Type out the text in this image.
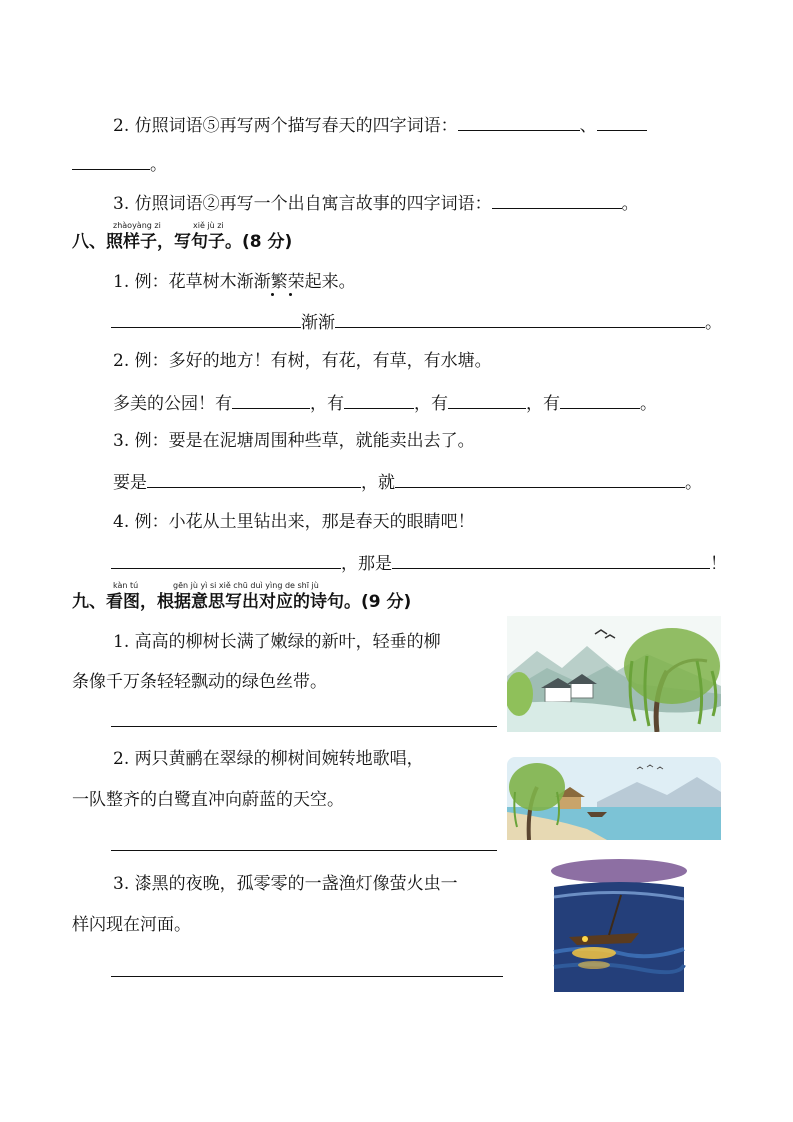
2. 仿照词语⑤再写两个描写春天的四字词语：	、
。
3. 仿照词语②再写一个出自寓言故事的四字词语：	。
zhàoyàng zi	xiě jù zi
八、照样子，写句子。(8 分)
1. 例：花草树木渐渐繁荣起来。
渐渐	。
2. 例：多好的地方！有树，有花，有草，有水塘。
多美的公园！有	，有	，有	，有	。
3. 例：要是在泥塘周围种些草，就能卖出去了。
要是	，就	。
4. 例：小花从土里钻出来，那是春天的眼睛吧！
，那是	！
kàn tú	gēn jù yì si xiě chū duì yìng de shī jù
九、看图，根据意思写出对应的诗句。(9 分)
1. 高高的柳树长满了嫩绿的新叶，轻垂的柳
条像千万条轻轻飘动的绿色丝带。
2. 两只黄鹂在翠绿的柳树间婉转地歌唱，
一队整齐的白鹭直冲向蔚蓝的天空。
3. 漆黑的夜晚，孤零零的一盏渔灯像萤火虫一
样闪现在河面。
